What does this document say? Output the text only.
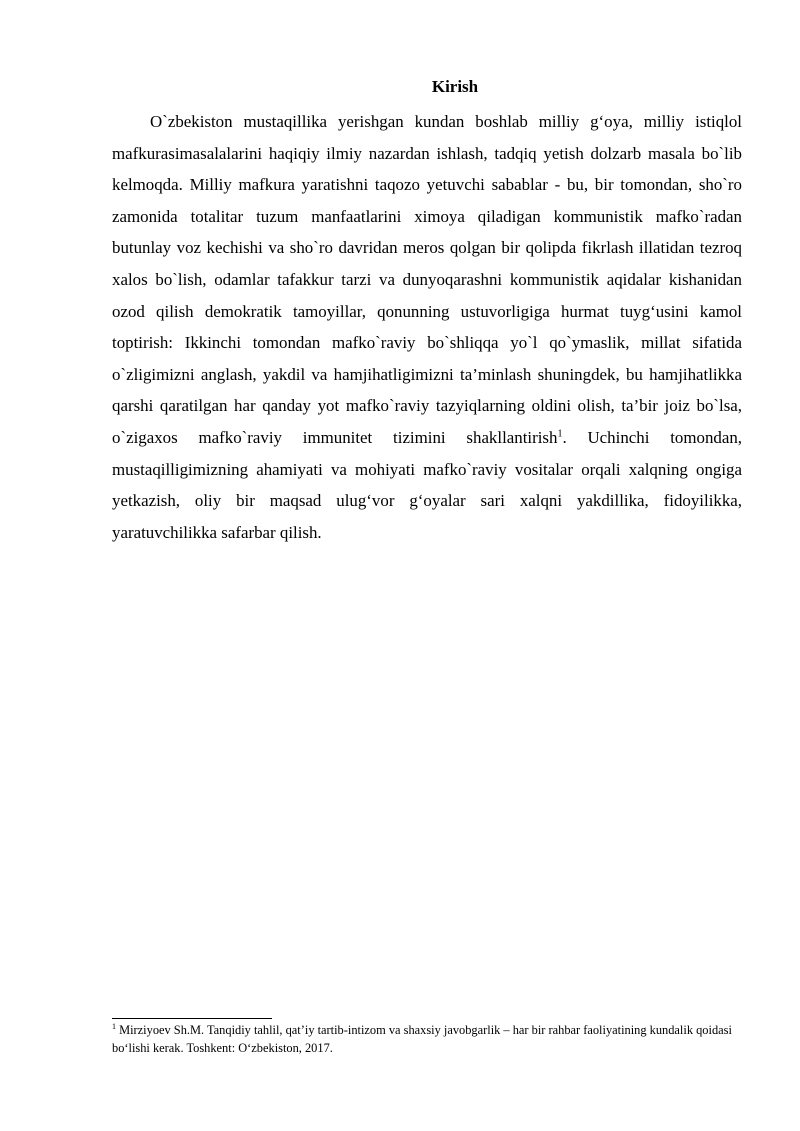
Kirish

O`zbekiston mustaqillika yerishgan kundan boshlab milliy g‘oya, milliy istiqlol mafkurasimasalalarini haqiqiy ilmiy nazardan ishlash, tadqiq yetish dolzarb masala bo`lib kelmoqda. Milliy mafkura yaratishni taqozo yetuvchi sabablar - bu, bir tomondan, sho`ro zamonida totalitar tuzum manfaatlarini ximoya qiladigan kommunistik mafko`radan butunlay voz kechishi va sho`ro davridan meros qolgan bir qolipda fikrlash illatidan tezroq xalos bo`lish, odamlar tafakkur tarzi va dunyoqarashni kommunistik aqidalar kishanidan ozod qilish demokratik tamoyillar, qonunning ustuvorligiga hurmat tuyg‘usini kamol toptirish: Ikkinchi tomondan mafko`raviy bo`shliqqa yo`l qo`ymaslik, millat sifatida o`zligimizni anglash, yakdil va hamjihatligimizni ta’minlash shuningdek, bu hamjihatlikka qarshi qaratilgan har qanday yot mafko`raviy tazyiqlarning oldini olish, ta’bir joiz bo`lsa, o`zigaxos mafko`raviy immunitet tizimini shakllantirish$^1$. Uchinchi tomondan, mustaqilligimizning ahamiyati va mohiyati mafko`raviy vositalar orqali xalqning ongiga yetkazish, oliy bir maqsad ulug‘vor g‘oyalar sari xalqni yakdillika, fidoyilikka, yaratuvchilikka safarbar qilish.

$^1$ Mirziyoev Sh.M. Tanqidiy tahlil, qat’iy tartib-intizom va shaxsiy javobgarlik – har bir rahbar faoliyatining kundalik qoidasi bo‘lishi kerak. Toshkent: O‘zbekiston, 2017.
